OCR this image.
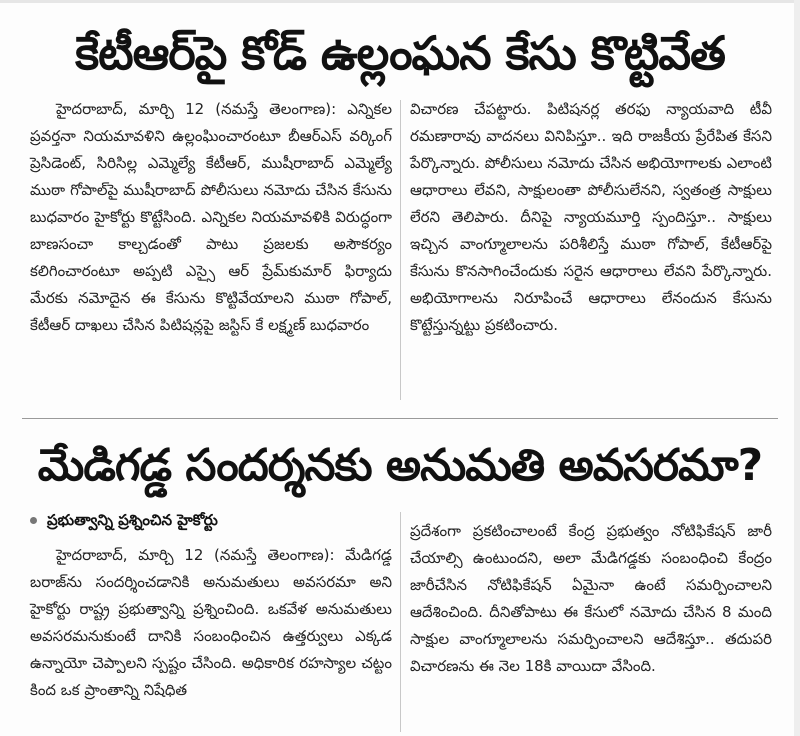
కేటీఆర్‌పై కోడ్‌ ఉల్లంఘన కేసు కొట్టివేత

హైదరాబాద్‌, మార్చి 12 (నమస్తే తెలంగాణ): ఎన్నికల ప్రవర్తనా నియమావళిని ఉల్లంఘించారంటూ బీఆర్‌ఎస్‌ వర్కింగ్‌ ప్రెసిడెంట్‌, సిరిసిల్ల ఎమ్మెల్యే కేటీఆర్‌, ముషీరాబాద్‌ ఎమ్మెల్యే ముఠా గోపాల్‌పై ముషీరాబాద్‌ పోలీసులు నమోదు చేసిన కేసును బుధవారం హైకోర్టు కొట్టేసింది. ఎన్నికల నియమావళికి విరుద్ధంగా బాణసంచా కాల్చడంతో పాటు ప్రజలకు అసౌకర్యం కలిగించారంటూ అప్పటి ఎస్సై ఆర్‌ ప్రేమ్‌కుమార్‌ ఫిర్యాదు మేరకు నమోదైన ఈ కేసును కొట్టివేయాలని ముఠా గోపాల్‌, కేటీఆర్‌ దాఖలు చేసిన పిటిషన్లపై జస్టిస్‌ కే లక్ష్మణ్‌ బుధవారం

విచారణ చేపట్టారు. పిటిషనర్ల తరఫు న్యాయవాది టీవీ రమణారావు వాదనలు వినిపిస్తూ.. ఇది రాజకీయ ప్రేరేపిత కేసని పేర్కొన్నారు. పోలీసులు నమోదు చేసిన అభియోగాలకు ఎలాంటి ఆధారాలు లేవని, సాక్షులంతా పోలీసులేనని, స్వతంత్ర సాక్షులు లేరని తెలిపారు. దీనిపై న్యాయమూర్తి స్పందిస్తూ.. సాక్షులు ఇచ్చిన వాంగ్మూలాలను పరిశీలిస్తే ముఠా గోపాల్‌, కేటీఆర్‌పై కేసును కొనసాగించేందుకు సరైన ఆధారాలు లేవని పేర్కొన్నారు. అభియోగాలను నిరూపించే ఆధారాలు లేనందున కేసును కొట్టేస్తున్నట్టు ప్రకటించారు.

మేడిగడ్డ సందర్శనకు అనుమతి అవసరమా?
ప్రభుత్వాన్ని ప్రశ్నించిన హైకోర్టు

హైదరాబాద్‌, మార్చి 12 (నమస్తే తెలంగాణ): మేడిగడ్డ బరాజ్‌ను సందర్శించడానికి అనుమతులు అవసరమా అని హైకోర్టు రాష్ట్ర ప్రభుత్వాన్ని ప్రశ్నించింది. ఒకవేళ అనుమతులు అవసరమనుకుంటే దానికి సంబంధించిన ఉత్తర్వులు ఎక్కడ ఉన్నాయో చెప్పాలని స్పష్టం చేసింది. అధికారిక రహస్యాల చట్టం కింద ఒక ప్రాంతాన్ని నిషేధిత

ప్రదేశంగా ప్రకటించాలంటే కేంద్ర ప్రభుత్వం నోటిఫికేషన్‌ జారీ చేయాల్సి ఉంటుందని, అలా మేడిగడ్డకు సంబంధించి కేంద్రం జారీచేసిన నోటిఫికేషన్‌ ఏమైనా ఉంటే సమర్పించాలని ఆదేశించింది. దీనితోపాటు ఈ కేసులో నమోదు చేసిన 8 మంది సాక్షుల వాంగ్మూలాలను సమర్పించాలని ఆదేశిస్తూ.. తదుపరి విచారణను ఈ నెల 18కి వాయిదా వేసింది.
